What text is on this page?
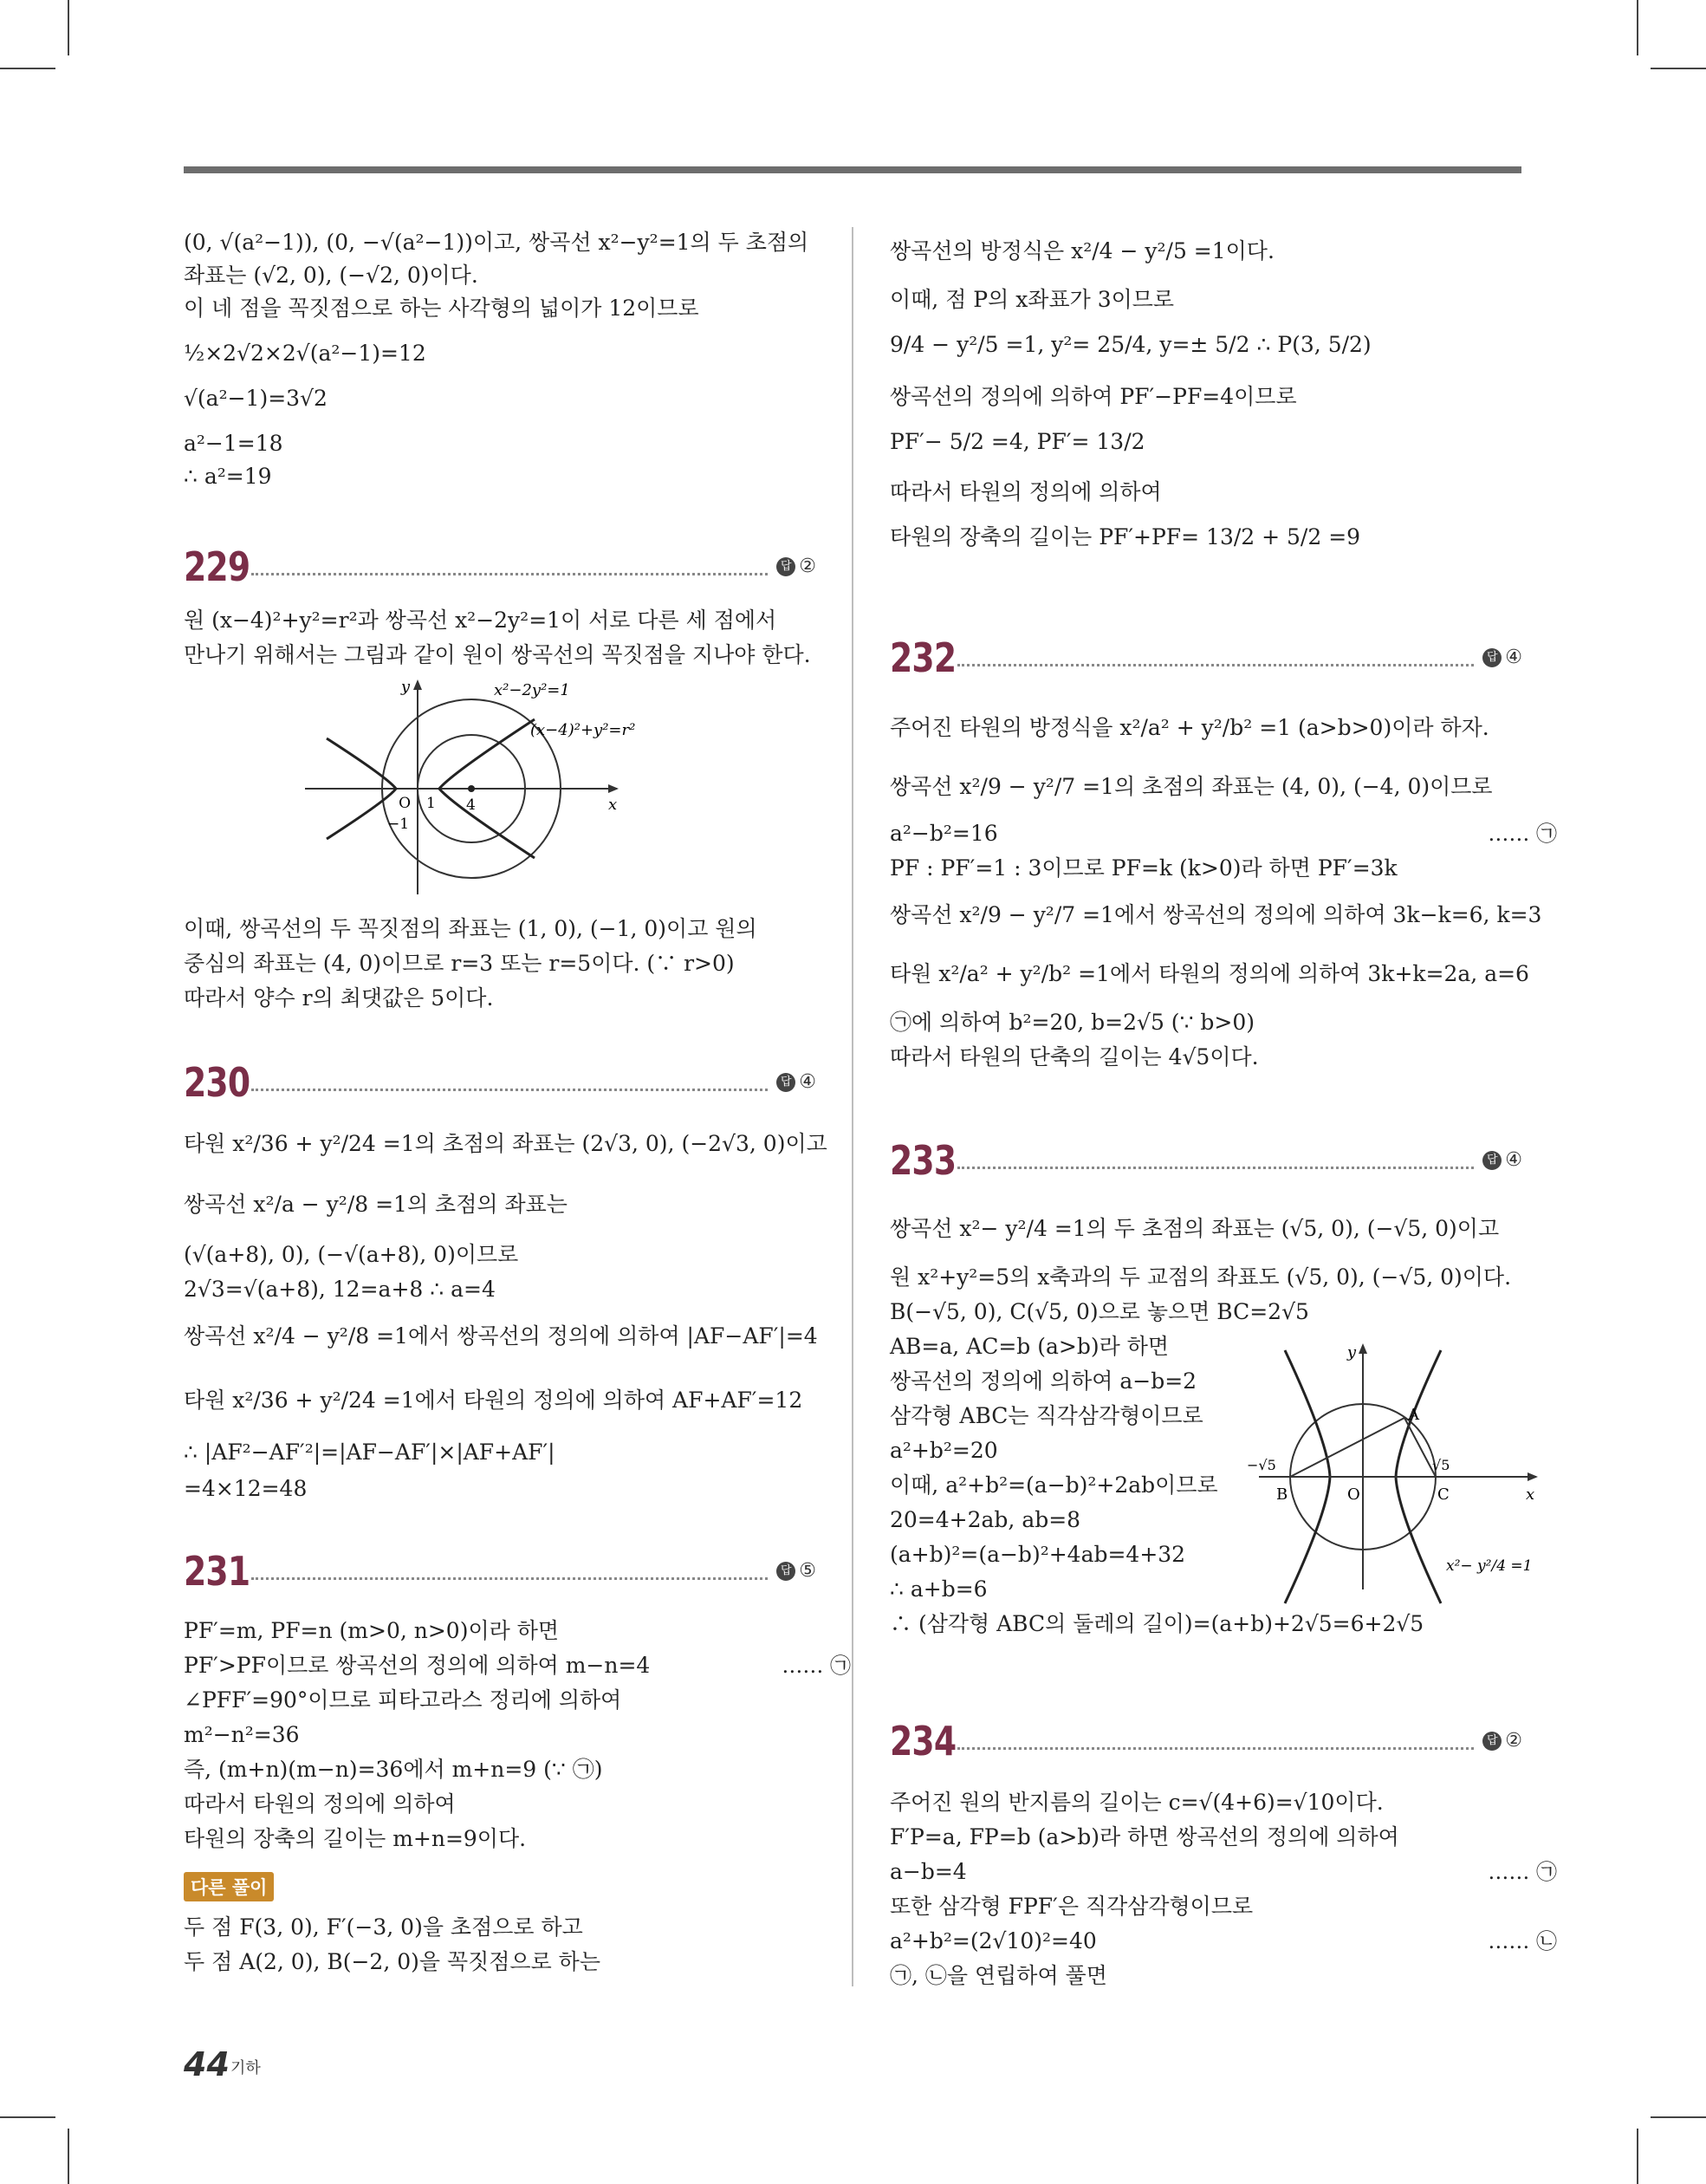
(0, √(a²−1)), (0, −√(a²−1))이고, 쌍곡선 x²−y²=1의 두 초점의
좌표는 (√2, 0), (−√2, 0)이다.
이 네 점을 꼭짓점으로 하는 사각형의 넓이가 12이므로
½×2√2×2√(a²−1)=12
√(a²−1)=3√2
a²−1=18
∴ a²=19
229	답 ②
원 (x−4)²+y²=r²과 쌍곡선 x²−2y²=1이 서로 다른 세 점에서
만나기 위해서는 그림과 같이 원이 쌍곡선의 꼭짓점을 지나야 한다.
y
x
O 1
−1
4
x²−2y²=1
(x−4)²+y²=r²
이때, 쌍곡선의 두 꼭짓점의 좌표는 (1, 0), (−1, 0)이고 원의
중심의 좌표는 (4, 0)이므로 r=3 또는 r=5이다. (∵ r>0)
따라서 양수 r의 최댓값은 5이다.
230	답 ④
타원 x²/36 + y²/24 =1의 초점의 좌표는 (2√3, 0), (−2√3, 0)이고
쌍곡선 x²/a − y²/8 =1의 초점의 좌표는
(√(a+8), 0), (−√(a+8), 0)이므로
2√3=√(a+8), 12=a+8 ∴ a=4
쌍곡선 x²/4 − y²/8 =1에서 쌍곡선의 정의에 의하여 |AF−AF′|=4
타원 x²/36 + y²/24 =1에서 타원의 정의에 의하여 AF+AF′=12
∴ |AF²−AF′²|=|AF−AF′|×|AF+AF′|
=4×12=48
231	답 ⑤
PF′=m, PF=n (m>0, n>0)이라 하면
PF′>PF이므로 쌍곡선의 정의에 의하여 m−n=4	…… ㉠
∠PFF′=90°이므로 피타고라스 정리에 의하여
m²−n²=36
즉, (m+n)(m−n)=36에서 m+n=9 (∵ ㉠)
따라서 타원의 정의에 의하여
타원의 장축의 길이는 m+n=9이다.
다른 풀이
두 점 F(3, 0), F′(−3, 0)을 초점으로 하고
두 점 A(2, 0), B(−2, 0)을 꼭짓점으로 하는
쌍곡선의 방정식은 x²/4 − y²/5 =1이다.
이때, 점 P의 x좌표가 3이므로
9/4 − y²/5 =1, y²= 25/4, y=± 5/2 ∴ P(3, 5/2)
쌍곡선의 정의에 의하여 PF′−PF=4이므로
PF′− 5/2 =4, PF′= 13/2
따라서 타원의 정의에 의하여
타원의 장축의 길이는 PF′+PF= 13/2 + 5/2 =9
232	답 ④
주어진 타원의 방정식을 x²/a² + y²/b² =1 (a>b>0)이라 하자.
쌍곡선 x²/9 − y²/7 =1의 초점의 좌표는 (4, 0), (−4, 0)이므로
a²−b²=16	…… ㉠
PF : PF′=1 : 3이므로 PF=k (k>0)라 하면 PF′=3k
쌍곡선 x²/9 − y²/7 =1에서 쌍곡선의 정의에 의하여 3k−k=6, k=3
타원 x²/a² + y²/b² =1에서 타원의 정의에 의하여 3k+k=2a, a=6
㉠에 의하여 b²=20, b=2√5 (∵ b>0)
따라서 타원의 단축의 길이는 4√5이다.
233	답 ④
쌍곡선 x²− y²/4 =1의 두 초점의 좌표는 (√5, 0), (−√5, 0)이고
원 x²+y²=5의 x축과의 두 교점의 좌표도 (√5, 0), (−√5, 0)이다.
B(−√5, 0), C(√5, 0)으로 놓으면 BC=2√5
AB=a, AC=b (a>b)라 하면
쌍곡선의 정의에 의하여 a−b=2
삼각형 ABC는 직각삼각형이므로
a²+b²=20
이때, a²+b²=(a−b)²+2ab이므로
20=4+2ab, ab=8
(a+b)²=(a−b)²+4ab=4+32
∴ a+b=6
∴ (삼각형 ABC의 둘레의 길이)=(a+b)+2√5=6+2√5
y
x
O
A
B	C
−√5	√5
x²− y²/4 =1
234	답 ②
주어진 원의 반지름의 길이는 c=√(4+6)=√10이다.
F′P=a, FP=b (a>b)라 하면 쌍곡선의 정의에 의하여
a−b=4	…… ㉠
또한 삼각형 FPF′은 직각삼각형이므로
a²+b²=(2√10)²=40	…… ㉡
㉠, ㉡을 연립하여 풀면
44 기하
